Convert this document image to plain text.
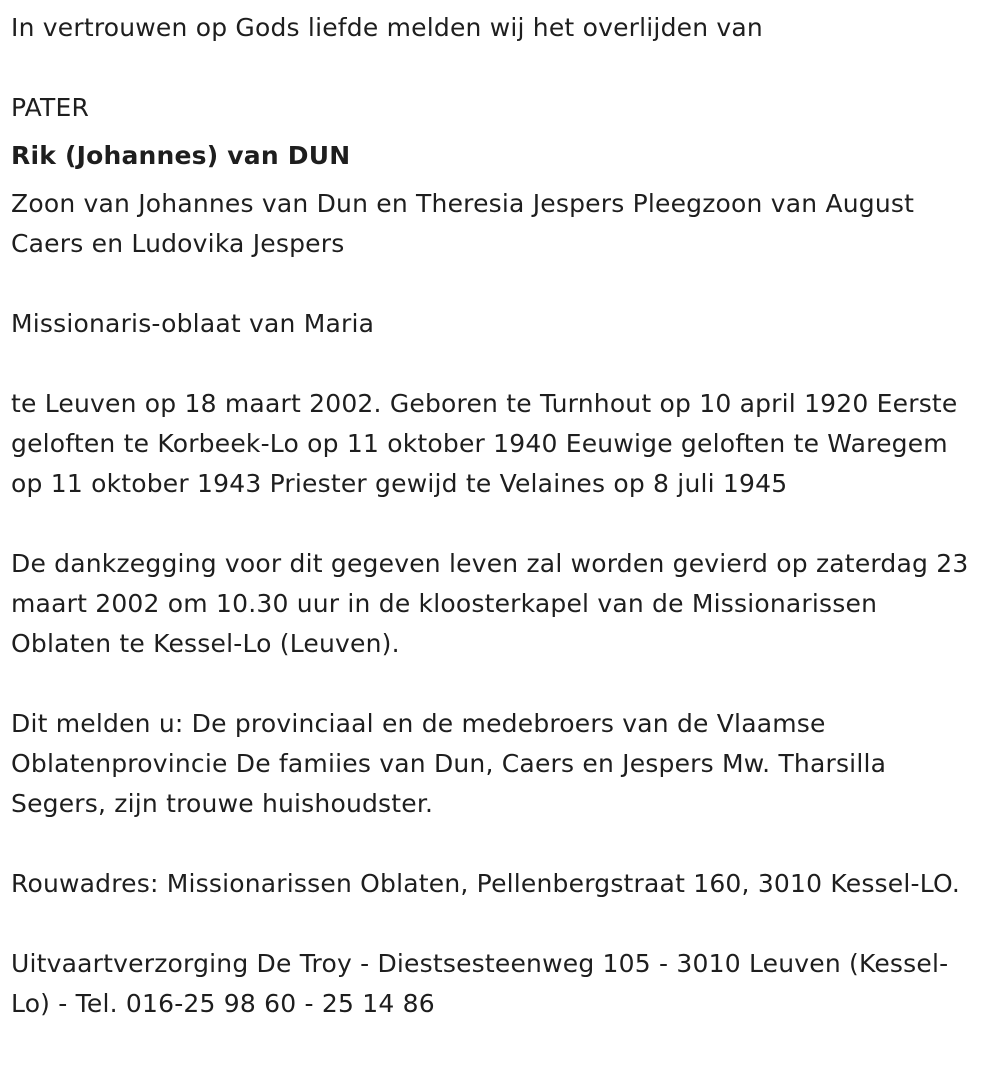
In vertrouwen op Gods liefde melden wij het overlijden van

PATER

Rik (Johannes) van DUN

Zoon van Johannes van Dun en Theresia Jespers Pleegzoon van August Caers en Ludovika Jespers

Missionaris-oblaat van Maria

te Leuven op 18 maart 2002. Geboren te Turnhout op 10 april 1920 Eerste geloften te Korbeek-Lo op 11 oktober 1940 Eeuwige geloften te Waregem op 11 oktober 1943 Priester gewijd te Velaines op 8 juli 1945

De dankzegging voor dit gegeven leven zal worden gevierd op zaterdag 23 maart 2002 om 10.30 uur in de kloosterkapel van de Missionarissen Oblaten te Kessel-Lo (Leuven).

Dit melden u: De provinciaal en de medebroers van de Vlaamse Oblatenprovincie De famiies van Dun, Caers en Jespers Mw. Tharsilla Segers, zijn trouwe huishoudster.

Rouwadres: Missionarissen Oblaten, Pellenbergstraat 160, 3010 Kessel-LO.

Uitvaartverzorging De Troy - Diestsesteenweg 105 - 3010 Leuven (Kessel-Lo) - Tel. 016-25 98 60 - 25 14 86
